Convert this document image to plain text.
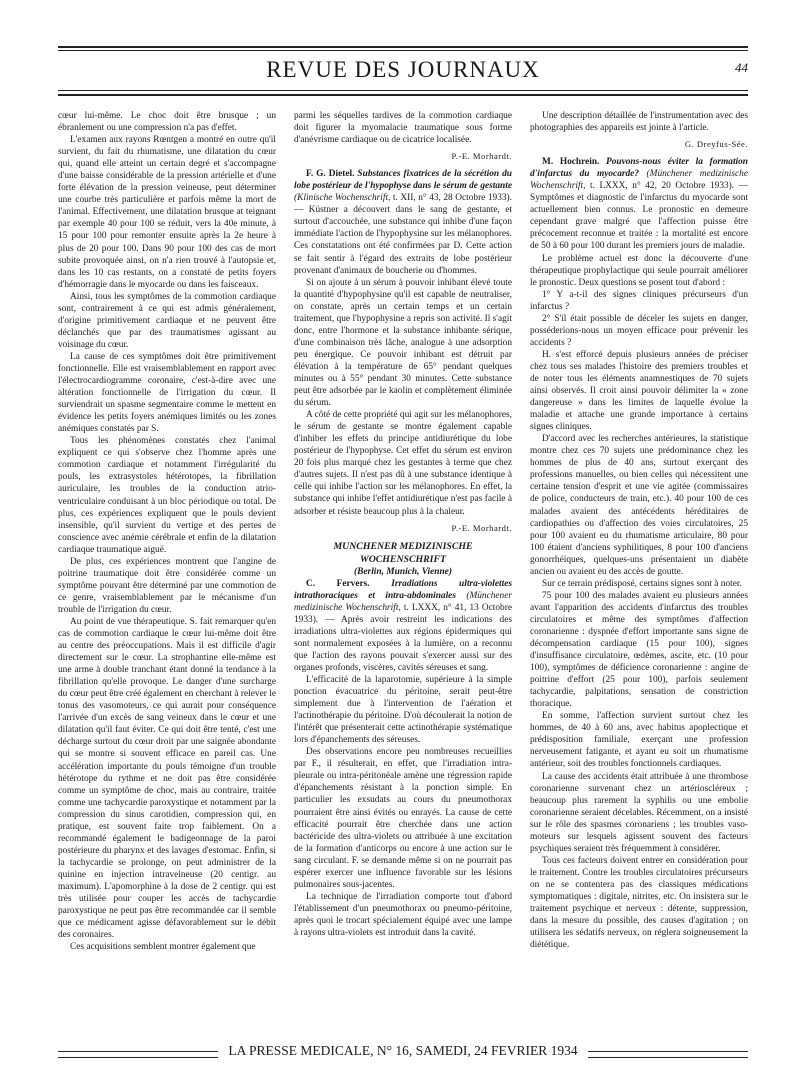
REVUE DES JOURNAUX	44

cœur lui-même. Le choc doit être brusque ; un ébranlement ou une compression n'a pas d'effet.

L'examen aux rayons Rœntgen a montré en outre qu'il survient, du fait du rhumatisme, une dilatation du cœur qui, quand elle atteint un certain degré et s'accompagne d'une baisse considérable de la pression artérielle et d'une forte élévation de la pression veineuse, peut déterminer une courbe très particulière et parfois même la mort de l'animal. Effectivement, une dilatation brusque at teignant par exemple 40 pour 100 se réduit, vers la 40e minute, à 15 pour 100 pour remonter ensuite après la 2e heure à plus de 20 pour 100. Dans 90 pour 100 des cas de mort subite provoquée ainsi, on n'a rien trouvé à l'autopsie et, dans les 10 cas restants, on a constaté de petits foyers d'hémorragie dans le myocarde ou dans les faisceaux.

Ainsi, tous les symptômes de la commotion cardiaque sont, contrairement à ce qui est admis généralement, d'origine primitivement cardiaque et ne peuvent être déclanchés que par des traumatismes agissant au voisinage du cœur.

La cause de ces symptômes doit être primitivement fonctionnelle. Elle est vraisemblablement en rapport avec l'électrocardiogramme coronaire, c'est-à-dire avec une altération fonctionnelle de l'irrigation du cœur. Il surviendrait un spasme segmentaire comme le mettent en évidence les petits foyers anémiques limités ou les zones anémiques constatés par S.

Tous les phénomènes constatés chez l'animal expliquent ce qui s'observe chez l'homme après une commotion cardiaque et notamment l'irrégularité du pouls, les extrasystoles hétérotopes, la fibrillation auriculaire, les troubles de la conduction atrio-ventriculaire conduisant à un bloc périodique ou total. De plus, ces expériences expliquent que le pouls devient insensible, qu'il survient du vertige et des pertes de conscience avec anémie cérébrale et enfin de la dilatation cardiaque traumatique aiguë.

De plus, ces expériences montrent que l'angine de poitrine traumatique doit être considérée comme un symptôme pouvant être déterminé par une commotion de ce genre, vraisemblablement par le mécanisme d'un trouble de l'irrigation du cœur.

Au point de vue thérapeutique. S. fait remarquer qu'en cas de commotion cardiaque le cœur lui-même doit être au centre des préoccupations. Mais il est difficile d'agir directement sur le cœur. La strophantine elle-même est une arme à double tranchant étant donné la tendance à la fibrillation qu'elle provoque. Le danger d'une surcharge du cœur peut être créé également en cherchant à relever le tonus des vasomoteurs, ce qui aurait pour conséquence l'arrivée d'un excès de sang veineux dans le cœur et une dilatation qu'il faut éviter. Ce qui doit être tenté, c'est une décharge surtout du cœur droit par une saignée abondante qui se montre si souvent efficace en pareil cas. Une accélération importante du pouls témoigne d'un trouble hétérotope du rythme et ne doit pas être considérée comme un symptôme de choc, mais au contraire, traitée comme une tachycardie paroxystique et notamment par la compression du sinus carotidien, compression qui, en pratique, est souvent faite trop faiblement. On a recommandé également le badigeonnage de la paroi postérieure du pharynx et des lavages d'estomac. Enfin, si la tachycardie se prolonge, on peut administrer de la quinine en injection intraveineuse (20 centigr. au maximum). L'apomorphine à la dose de 2 centigr. qui est très utilisée pour couper les accès de tachycardie paroxystique ne peut pas être recommandée car il semble que ce médicament agisse défavorablement sur le débit des coronaires.

Ces acquisitions semblent montrer également que

parmi les séquelles tardives de la commotion cardiaque doit figurer la myomalacie traumatique sous forme d'anévrisme cardiaque ou de cicatrice localisée.

P.-E. Morhardt.

F. G. Dietel. Substances fixatrices de la sécrétion du lobe postérieur de l'hypophyse dans le sérum de gestante (Klinische Wochenschrift, t. XII, n° 43, 28 Octobre 1933). — Küstner a découvert dans le sang de gestante, et surtout d'accouchée, une substance qui inhibe d'une façon immédiate l'action de l'hypophysine sur les mélanophores. Ces constatations ont été confirmées par D. Cette action se fait sentir à l'égard des extraits de lobe postérieur provenant d'animaux de boucherie ou d'hommes.

Si on ajoute à un sérum à pouvoir inhibant élevé toute la quantité d'hypophysine qu'il est capable de neutraliser, on constate, après un certain temps et un certain traitement, que l'hypophysine a repris son activité. Il s'agit donc, entre l'hormone et la substance inhibante sérique, d'une combinaison très lâche, analogue à une adsorption peu énergique. Ce pouvoir inhibant est détruit par élévation à la température de 65° pendant quelques minutes ou à 55° pendant 30 minutes. Cette substance peut être adsorbée par le kaolin et complètement éliminée du sérum.

A côté de cette propriété qui agit sur les mélanophores, le sérum de gestante se montre également capable d'inhiber les effets du principe antidiurétique du lobe postérieur de l'hypophyse. Cet effet du sérum est environ 20 fois plus marqué chez les gestantes à terme que chez d'autres sujets. Il n'est pas dû à une substance identique à celle qui inhibe l'action sur les mélanophores. En effet, la substance qui inhibe l'effet antidiurétique n'est pas facile à adsorber et résiste beaucoup plus à la chaleur.

P.-E. Morhardt.

MUNCHENER MEDIZINISCHE WOCHENSCHRIFT

(Berlin, Munich, Vienne)

C. Fervers. Irradiations ultra-violettes intrathoraciques et intra-abdominales (Münchener medizinische Wochenschrift, t. LXXX, n° 41, 13 Octobre 1933). — Après avoir restreint les indications des irradiations ultra-violettes aux régions épidermiques qui sont normalement exposées à la lumière, on a reconnu que l'action des rayons pouvait s'exercer aussi sur des organes profonds, viscères, cavités séreuses et sang.

L'efficacité de la laparotomie, supérieure à la simple ponction évacuatrice du péritoine, serait peut-être simplement due à l'intervention de l'aération et l'actinothérapie du péritoine. D'où découlerait la notion de l'intérêt que présenterait cette actinothérapie systématique lors d'épanchements des séreuses.

Des observations encore peu nombreuses recueillies par F., il résulterait, en effet, que l'irradiation intra-pleurale ou intra-péritonéale amène une régression rapide d'épanchements résistant à la ponction simple. En particulier les exsudats au cours du pneumothorax pourraient être ainsi évités ou enrayés. La cause de cette efficacité pourrait être cherchée dans une action bactéricide des ultra-violets ou attribuée à une excitation de la formation d'anticorps ou encore à une action sur le sang circulant. F. se demande même si on ne pourrait pas espérer exercer une influence favorable sur les lésions pulmonaires sous-jacentes.

La technique de l'irradiation comporte tout d'abord l'établissement d'un pneumothorax ou pneumo-péritoine, après quoi le trocart spécialement équipé avec une lampe à rayons ultra-violets est introduit dans la cavité.

Une description détaillée de l'instrumentation avec des photographies des appareils est jointe à l'article.

G. Dreyfus-Sée.

M. Hochrein. Pouvons-nous éviter la formation d'infarctus du myocarde? (Münchener medizinische Wochenschrift, t. LXXX, n° 42, 20 Octobre 1933). — Symptômes et diagnostic de l'infarctus du myocarde sont actuellement bien connus. Le pronostic en demeure cependant grave malgré que l'affection puisse être précocement reconnue et traitée : la mortalité est encore de 50 à 60 pour 100 durant les premiers jours de maladie.

Le problème actuel est donc la découverte d'une thérapeutique prophylactique qui seule pourrait améliorer le pronostic. Deux questions se posent tout d'abord :

1° Y a-t-il des signes cliniques précurseurs d'un infarctus ?

2° S'il était possible de déceler les sujets en danger, posséderions-nous un moyen efficace pour prévenir les accidents ?

H. s'est efforcé depuis plusieurs années de préciser chez tous ses malades l'histoire des premiers troubles et de noter tous les éléments anamnestiques de 70 sujets ainsi observés. Il croit ainsi pouvoir délimiter la « zone dangereuse » dans les limites de laquelle évolue la maladie et attache une grande importance à certains signes cliniques.

D'accord avec les recherches antérieures, la statistique montre chez ces 70 sujets une prédominance chez les hommes de plus de 40 ans, surtout exerçant des professions manuelles, ou bien celles qui nécessitent une certaine tension d'esprit et une vie agitée (commissaires de police, conducteurs de train, etc.). 40 pour 100 de ces malades avaient des antécédents héréditaires de cardiopathies ou d'affection des voies circulatoires, 25 pour 100 avaient eu du rhumatisme articulaire, 80 pour 100 étaient d'anciens syphilitiques, 8 pour 100 d'anciens gonorrhéiques, quelques-uns présentaient un diabète ancien ou avaient eu des accès de goutte.

Sur ce terrain prédisposé, certains signes sont à noter.

75 pour 100 des malades avaient eu plusieurs années avant l'apparition des accidents d'infarctus des troubles circulatoires et même des symptômes d'affection coronarienne : dyspnée d'effort importante sans signe de décompensation cardiaque (15 pour 100), signes d'insuffisance circulatoire, œdèmes, ascite, etc. (10 pour 100), symptômes de déficience coronarienne : angine de poitrine d'effort (25 pour 100), parfois seulement tachycardie, palpitations, sensation de constriction thoracique.

En somme, l'affection survient surtout chez les hommes, de 40 à 60 ans, avec habitus apoplectique et prédisposition familiale, exerçant une profession nerveusement fatigante, et ayant eu soit un rhumatisme antérieur, soit des troubles fonctionnels cardiaques.

La cause des accidents était attribuée à une thrombose coronarienne survenant chez un artérioscléreux ; beaucoup plus rarement la syphilis ou une embolie coronarienne seraient décelables. Récemment, on a insisté sur le rôle des spasmes coronariens ; les troubles vaso-moteurs sur lesquels agissent souvent des facteurs psychiques seraient très fréquemment à considérer.

Tous ces facteurs doivent entrer en considération pour le traitement. Contre les troubles circulatoires précurseurs on ne se contentera pas des classiques médications symptomatiques : digitale, nitrites, etc. On insistera sur le traitement psychique et nerveux : détente, suppression, dans la mesure du possible, des causes d'agitation ; on utilisera les sédatifs nerveux, on réglera soigneusement la diététique.

LA PRESSE MEDICALE, N° 16, SAMEDI, 24 FEVRIER 1934
